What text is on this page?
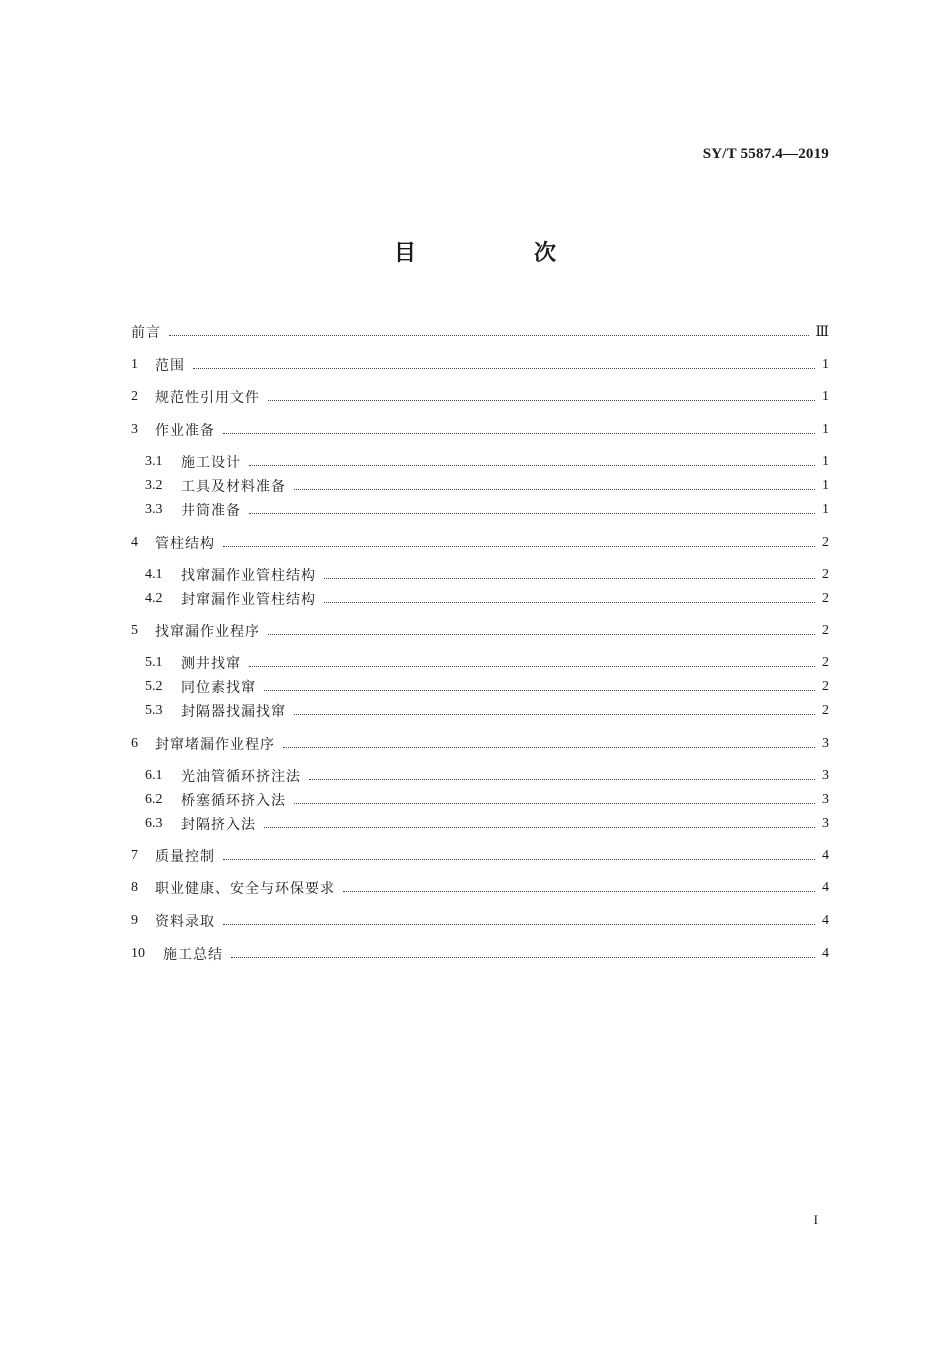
SY/T 5587.4—2019
目　次
前言	Ⅲ
1	范围	1
2	规范性引用文件	1
3	作业准备	1
3.1	施工设计	1
3.2	工具及材料准备	1
3.3	井筒准备	1
4	管柱结构	2
4.1	找窜漏作业管柱结构	2
4.2	封窜漏作业管柱结构	2
5	找窜漏作业程序	2
5.1	测井找窜	2
5.2	同位素找窜	2
5.3	封隔器找漏找窜	2
6	封窜堵漏作业程序	3
6.1	光油管循环挤注法	3
6.2	桥塞循环挤入法	3
6.3	封隔挤入法	3
7	质量控制	4
8	职业健康、安全与环保要求	4
9	资料录取	4
10	施工总结	4
I
